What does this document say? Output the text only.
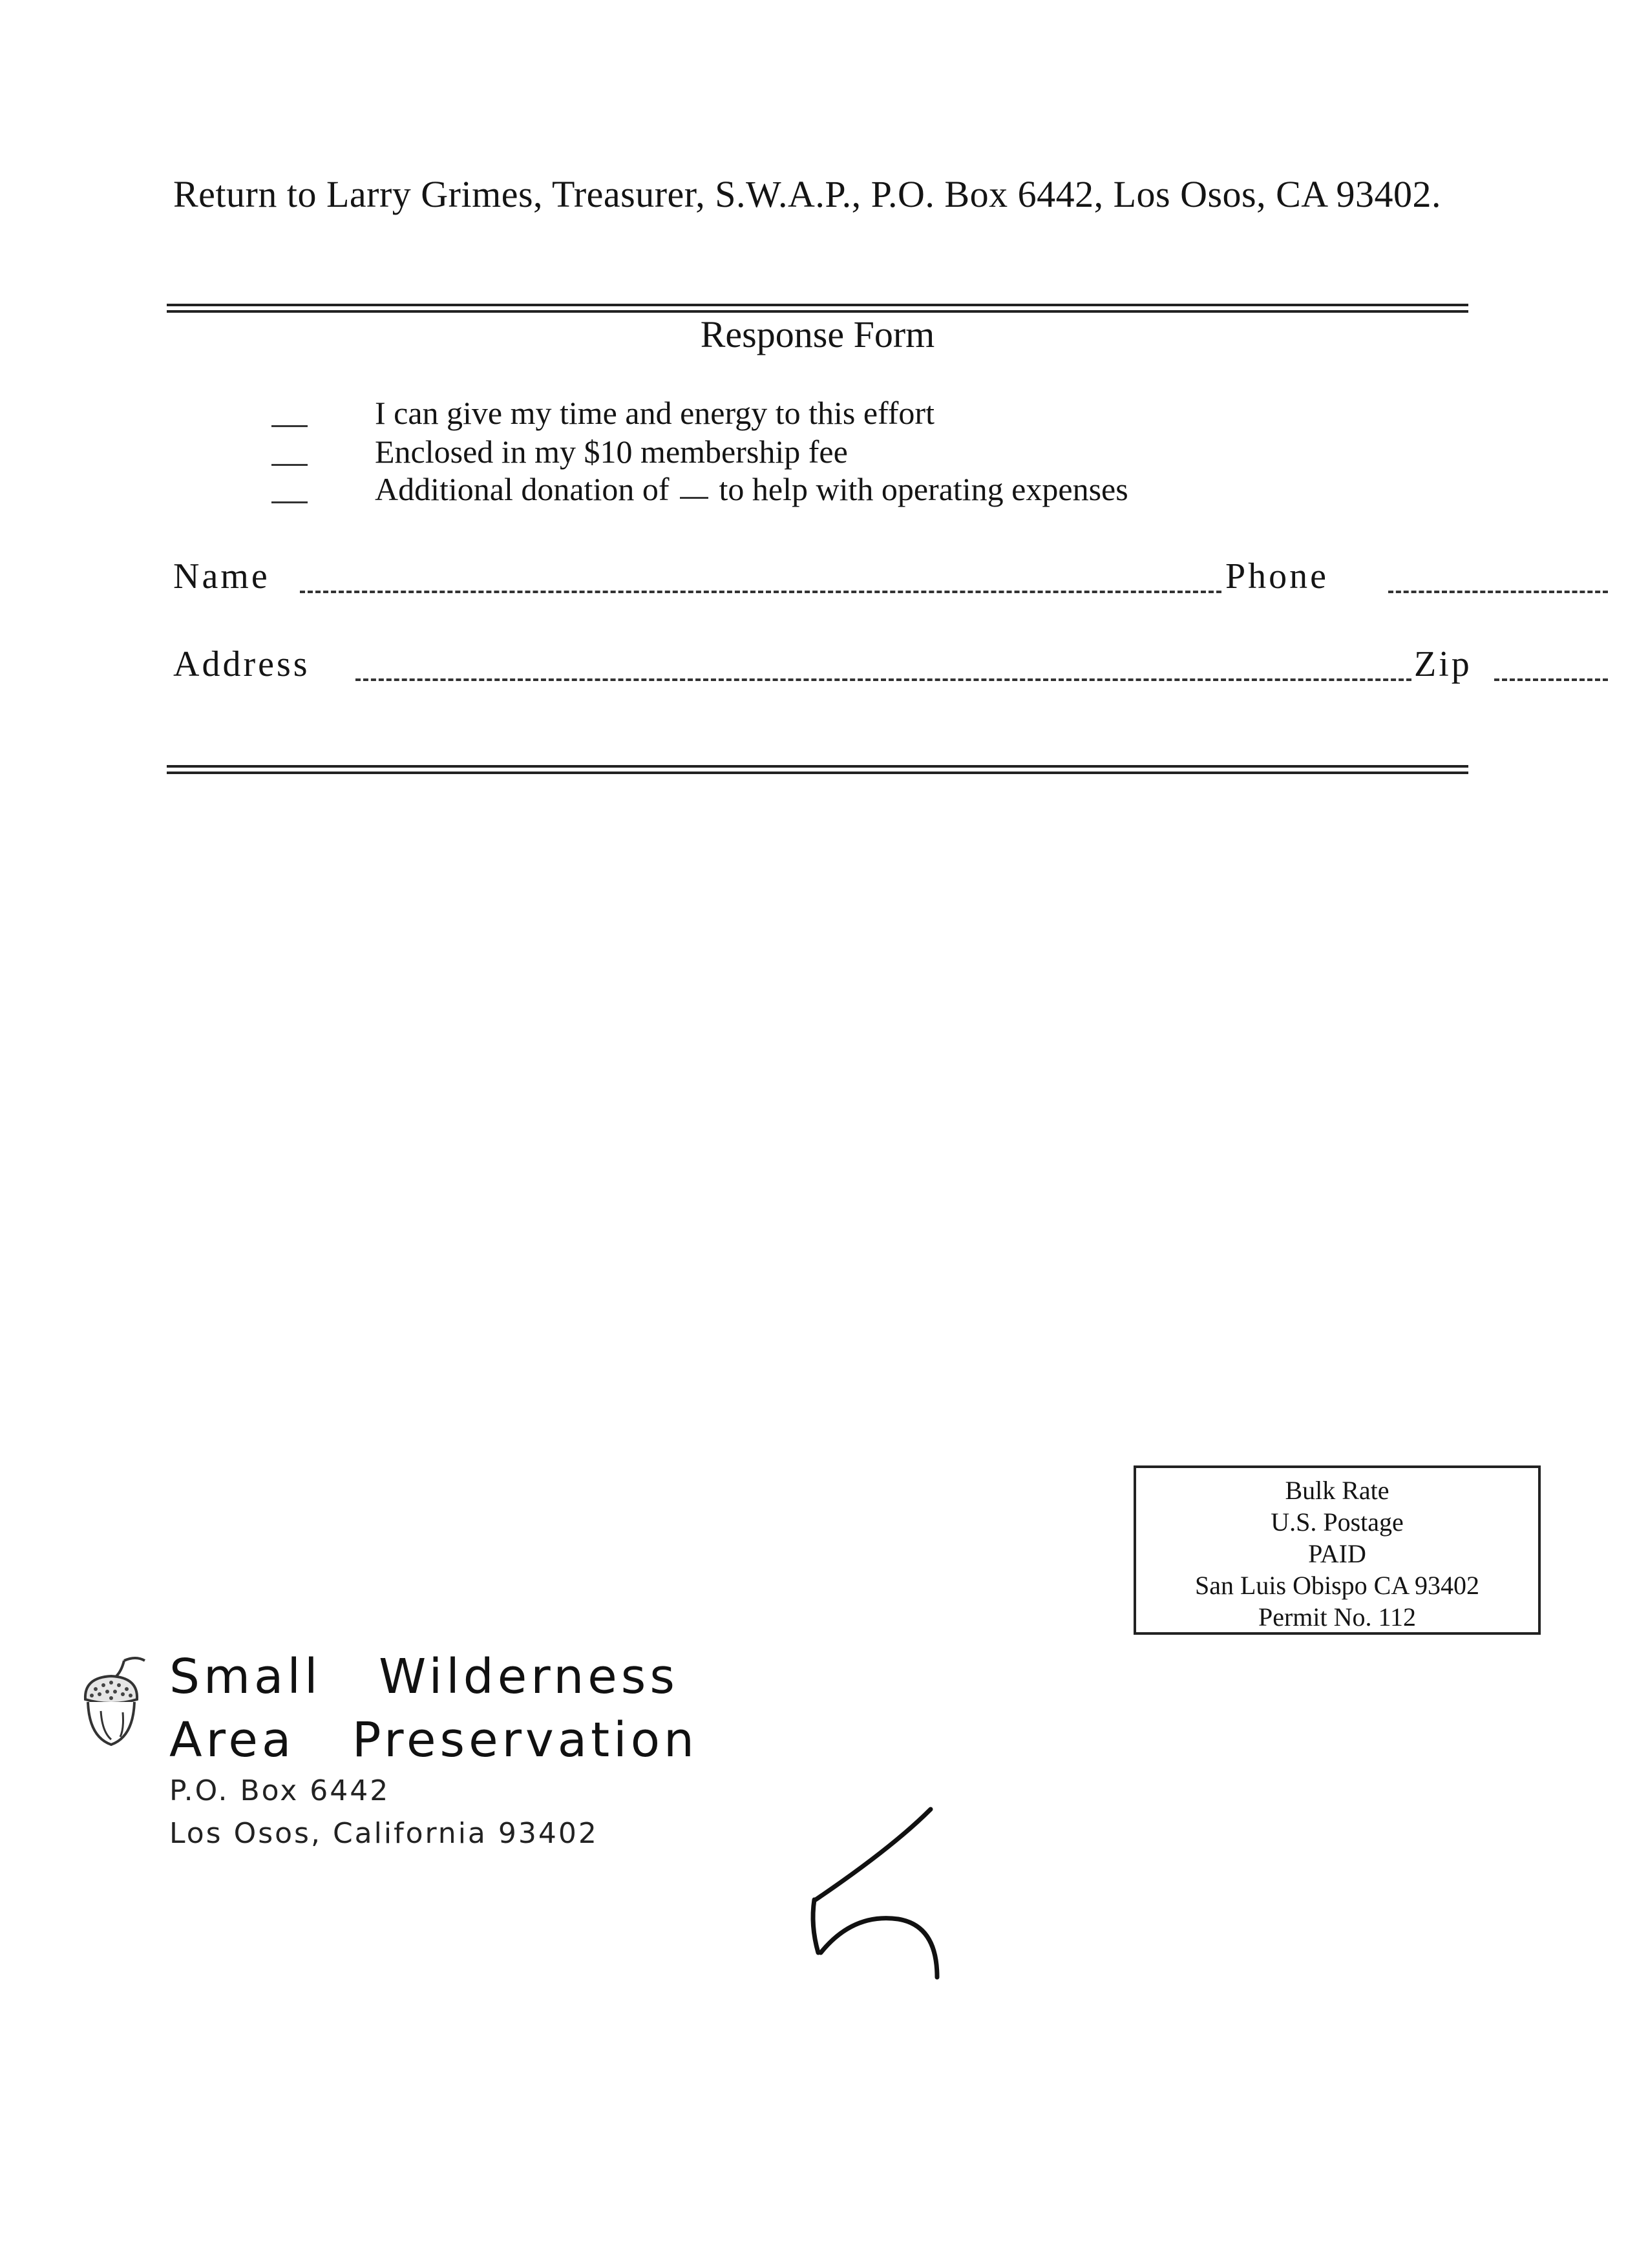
Return to Larry Grimes, Treasurer, S.W.A.P., P.O. Box 6442, Los Osos, CA 93402.
Response Form
I can give my time and energy to this effort
Enclosed in my $10 membership fee
Additional donation of to help with operating expenses
Name	Phone
Address	Zip
Bulk Rate
U.S. Postage
PAID
San Luis Obispo CA 93402
Permit No. 112
Small   Wilderness
Area   Preservation
P.O. Box 6442
Los Osos, California 93402
